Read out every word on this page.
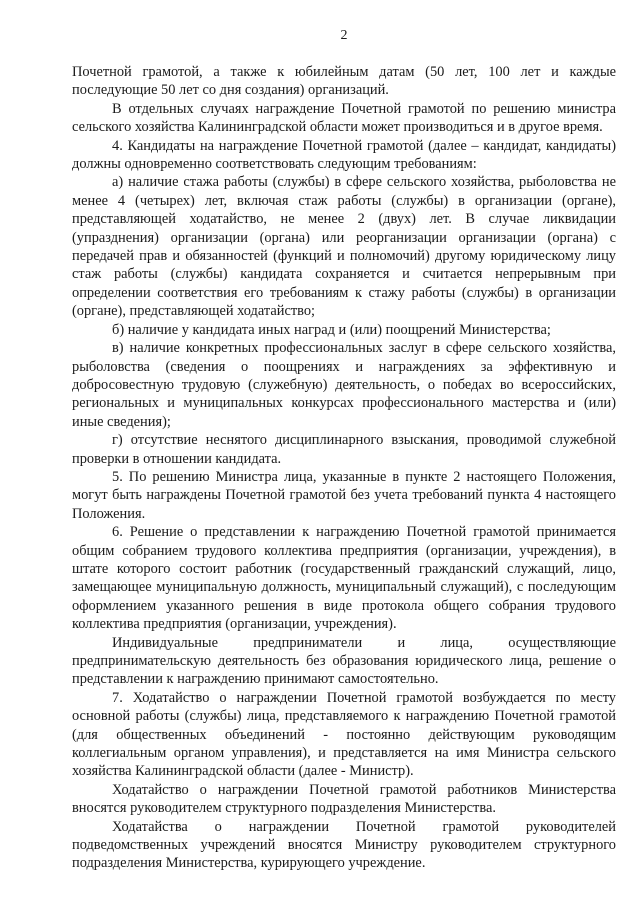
2

Почетной грамотой, а также к юбилейным датам (50 лет, 100 лет и каждые последующие 50 лет со дня создания) организаций.

В отдельных случаях награждение Почетной грамотой по решению министра сельского хозяйства Калининградской области может производиться и в другое время.

4. Кандидаты на награждение Почетной грамотой (далее – кандидат, кандидаты) должны одновременно соответствовать следующим требованиям:

а) наличие стажа работы (службы) в сфере сельского хозяйства, рыболовства не менее 4 (четырех) лет, включая стаж работы (службы) в организации (органе), представляющей ходатайство, не менее 2 (двух) лет. В случае ликвидации (упразднения) организации (органа) или реорганизации организации (органа) с передачей прав и обязанностей (функций и полномочий) другому юридическому лицу стаж работы (службы) кандидата сохраняется и считается непрерывным при определении соответствия его требованиям к стажу работы (службы) в организации (органе), представляющей ходатайство;

б) наличие у кандидата иных наград и (или) поощрений Министерства;

в) наличие конкретных профессиональных заслуг в сфере сельского хозяйства, рыболовства (сведения о поощрениях и награждениях за эффективную и добросовестную трудовую (служебную) деятельность, о победах во всероссийских, региональных и муниципальных конкурсах профессионального мастерства и (или) иные сведения);

г) отсутствие неснятого дисциплинарного взыскания, проводимой служебной проверки в отношении кандидата.

5. По решению Министра лица, указанные в пункте 2 настоящего Положения, могут быть награждены Почетной грамотой без учета требований пункта 4 настоящего Положения.

6. Решение о представлении к награждению Почетной грамотой принимается общим собранием трудового коллектива предприятия (организации, учреждения), в штате которого состоит работник (государственный гражданский служащий, лицо, замещающее муниципальную должность, муниципальный служащий), с последующим оформлением указанного решения в виде протокола общего собрания трудового коллектива предприятия (организации, учреждения).

Индивидуальные предприниматели и лица, осуществляющие предпринимательскую деятельность без образования юридического лица, решение о представлении к награждению принимают самостоятельно.

7. Ходатайство о награждении Почетной грамотой возбуждается по месту основной работы (службы) лица, представляемого к награждению Почетной грамотой (для общественных объединений - постоянно действующим руководящим коллегиальным органом управления), и представляется на имя Министра сельского хозяйства Калининградской области (далее - Министр).

Ходатайство о награждении Почетной грамотой работников Министерства вносятся руководителем структурного подразделения Министерства.

Ходатайства о награждении Почетной грамотой руководителей подведомственных учреждений вносятся Министру руководителем структурного подразделения Министерства, курирующего учреждение.
